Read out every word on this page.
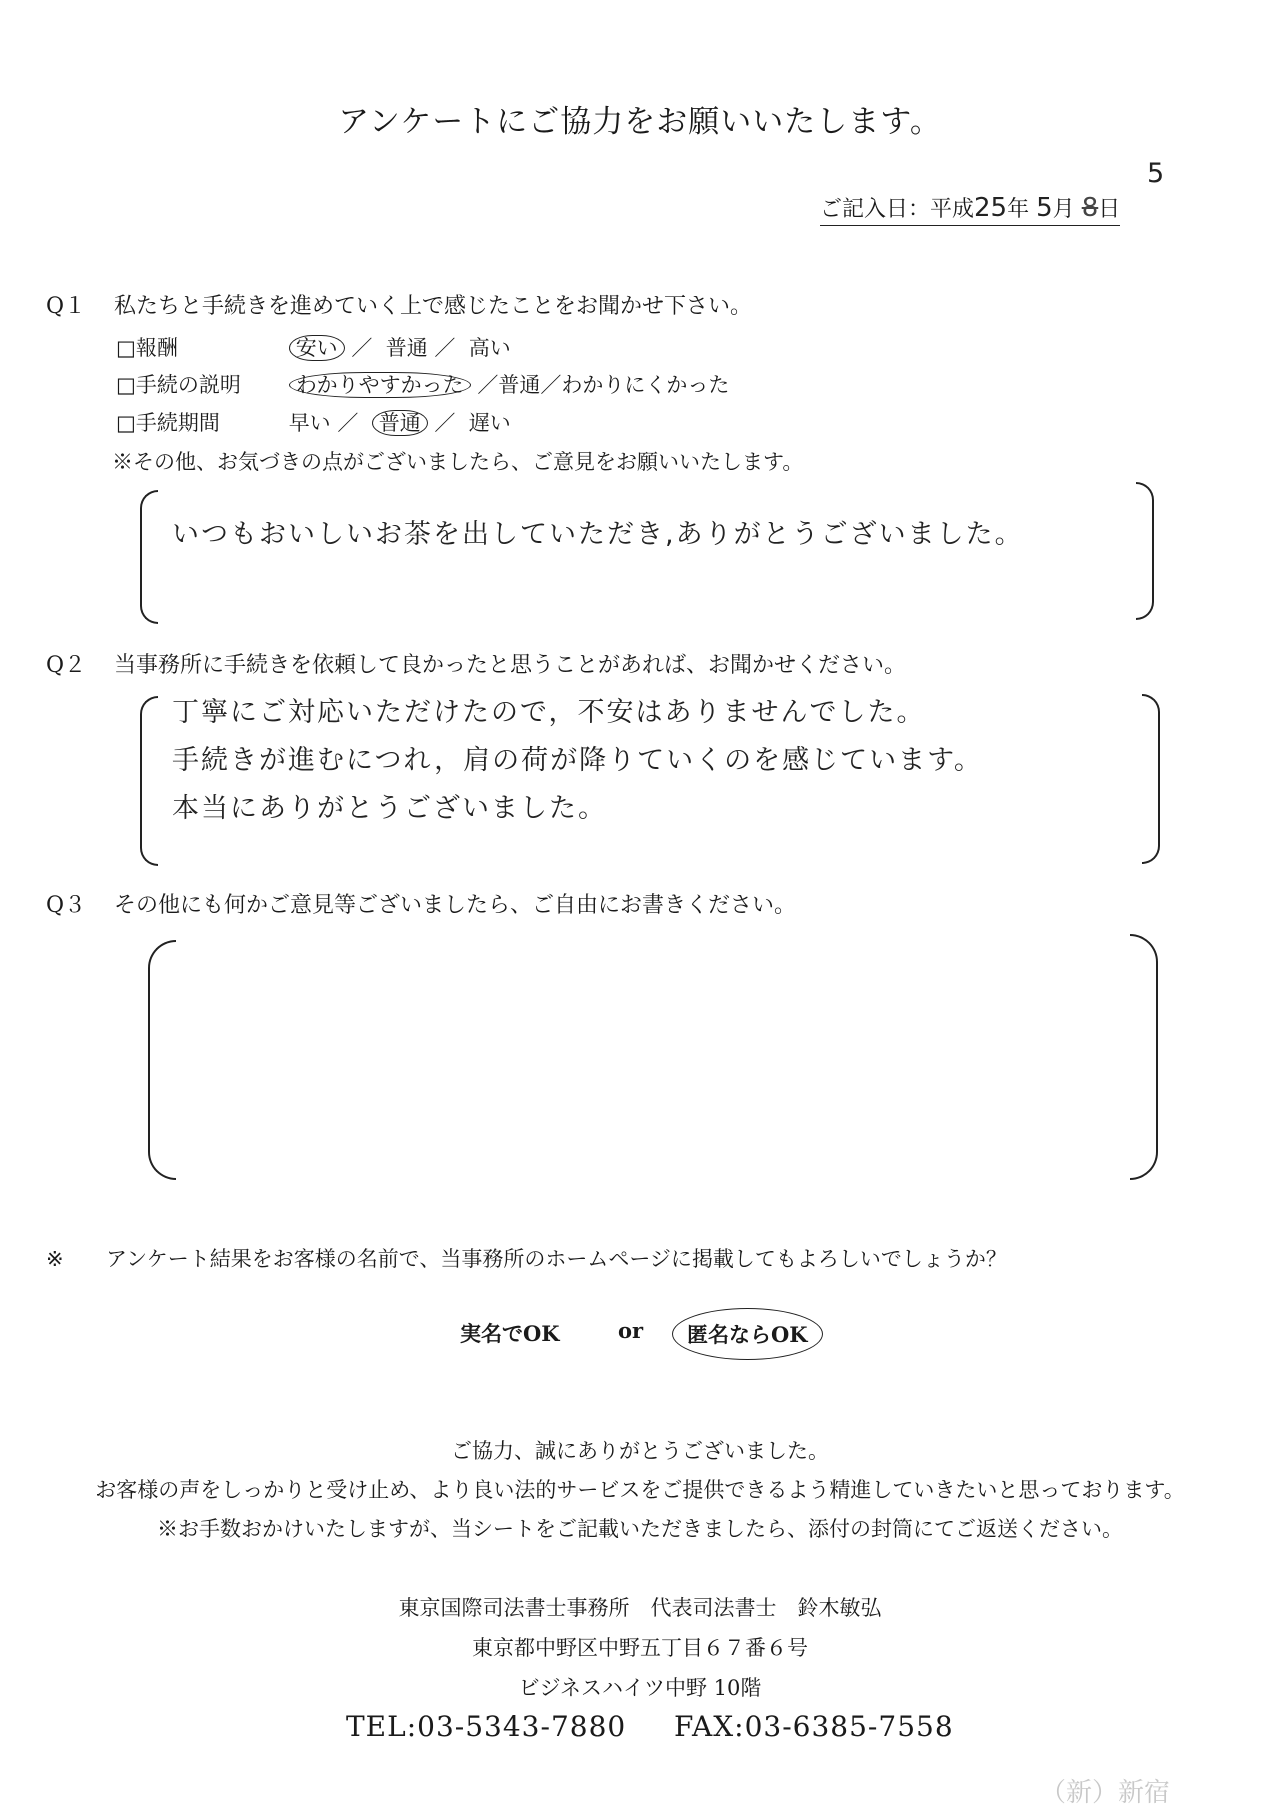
アンケートにご協力をお願いいたします。
5
ご記入日：平成25年 5月 8日
Q１ 私たちと手続きを進めていく上で感じたことをお聞かせ下さい。
□報酬	安い ／ 普通 ／ 高い
□手続の説明	わかりやすかった ／普通／わかりにくかった
□手続期間	早い ／ 普通 ／ 遅い
※その他、お気づきの点がございましたら、ご意見をお願いいたします。
いつもおいしいお茶を出していただき,ありがとうございました。
Q２ 当事務所に手続きを依頼して良かったと思うことがあれば、お聞かせください。
丁寧にご対応いただけたので，不安はありませんでした。
手続きが進むにつれ，肩の荷が降りていくのを感じています。
本当にありがとうございました。
Q３ その他にも何かご意見等ございましたら、ご自由にお書きください。
※ アンケート結果をお客様の名前で、当事務所のホームページに掲載してもよろしいでしょうか？
実名でOK	or	匿名ならOK
ご協力、誠にありがとうございました。
お客様の声をしっかりと受け止め、より良い法的サービスをご提供できるよう精進していきたいと思っております。
※お手数おかけいたしますが、当シートをご記載いただきましたら、添付の封筒にてご返送ください。
東京国際司法書士事務所　代表司法書士　鈴木敏弘
東京都中野区中野五丁目６７番６号
ビジネスハイツ中野 10階
TEL:03-5343-7880 FAX:03-6385-7558
（新）新宿
